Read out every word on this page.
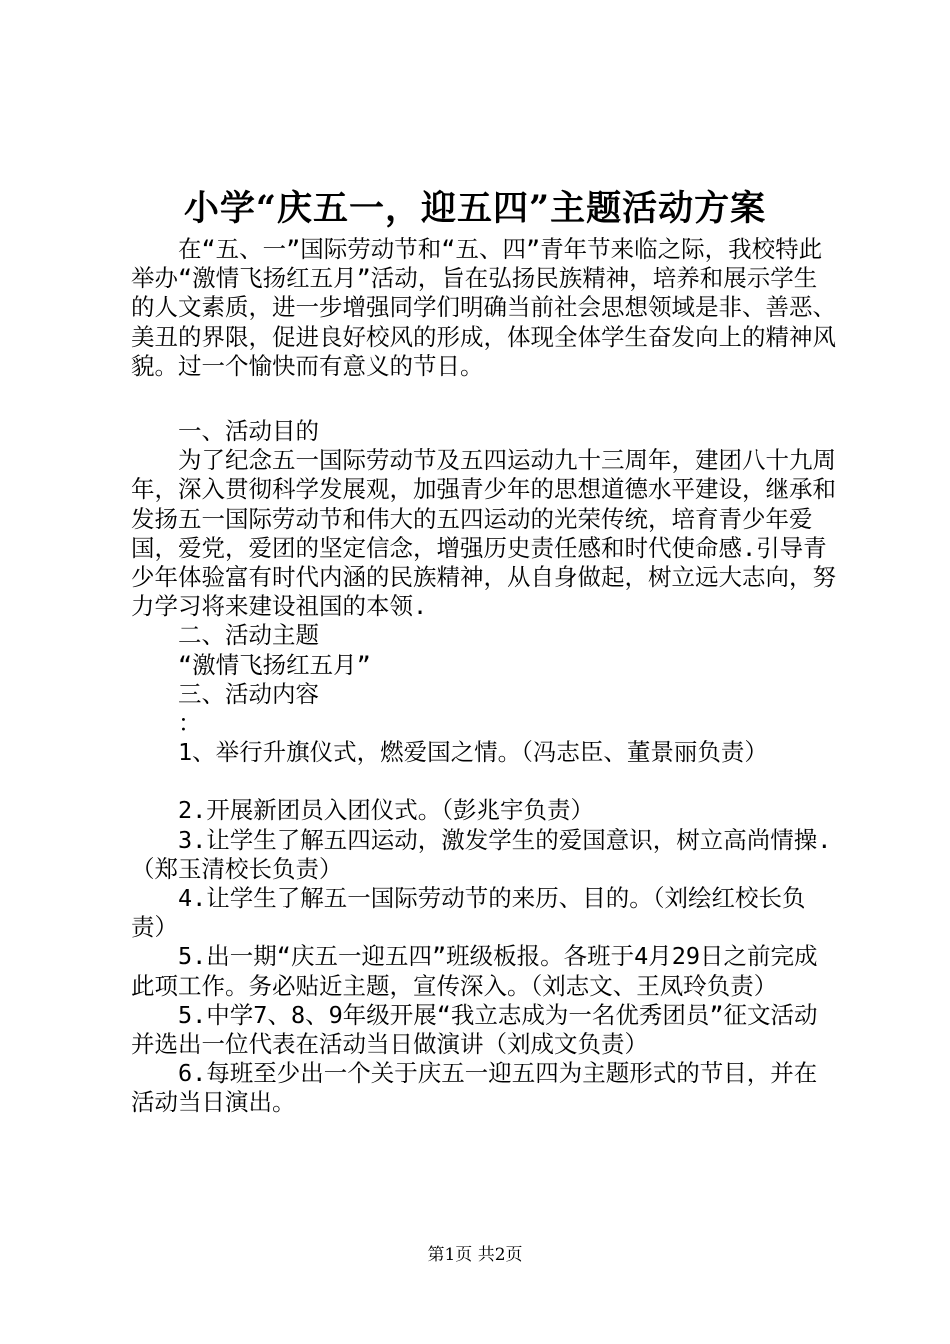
小学“庆五一，迎五四”主题活动方案

在“五、一”国际劳动节和“五、四”青年节来临之际，我校特此举办“激情飞扬红五月”活动，旨在弘扬民族精神，培养和展示学生的人文素质，进一步增强同学们明确当前社会思想领域是非、善恶、美丑的界限，促进良好校风的形成，体现全体学生奋发向上的精神风貌。过一个愉快而有意义的节日。

一、活动目的

为了纪念五一国际劳动节及五四运动九十三周年，建团八十九周年，深入贯彻科学发展观，加强青少年的思想道德水平建设，继承和发扬五一国际劳动节和伟大的五四运动的光荣传统，培育青少年爱国，爱党，爱团的坚定信念，增强历史责任感和时代使命感.引导青少年体验富有时代内涵的民族精神，从自身做起，树立远大志向，努力学习将来建设祖国的本领.

二、活动主题

“激情飞扬红五月”

三、活动内容

：

1、举行升旗仪式，燃爱国之情。（冯志臣、董景丽负责）

2.开展新团员入团仪式。（彭兆宇负责）

3.让学生了解五四运动，激发学生的爱国意识，树立高尚情操.（郑玉清校长负责）

4.让学生了解五一国际劳动节的来历、目的。（刘绘红校长负责）

5.出一期“庆五一迎五四”班级板报。各班于4月29日之前完成此项工作。务必贴近主题，宣传深入。（刘志文、王凤玲负责）

5.中学7、8、9年级开展“我立志成为一名优秀团员”征文活动并选出一位代表在活动当日做演讲（刘成文负责）

6.每班至少出一个关于庆五一迎五四为主题形式的节目，并在活动当日演出。

第1页 共2页
